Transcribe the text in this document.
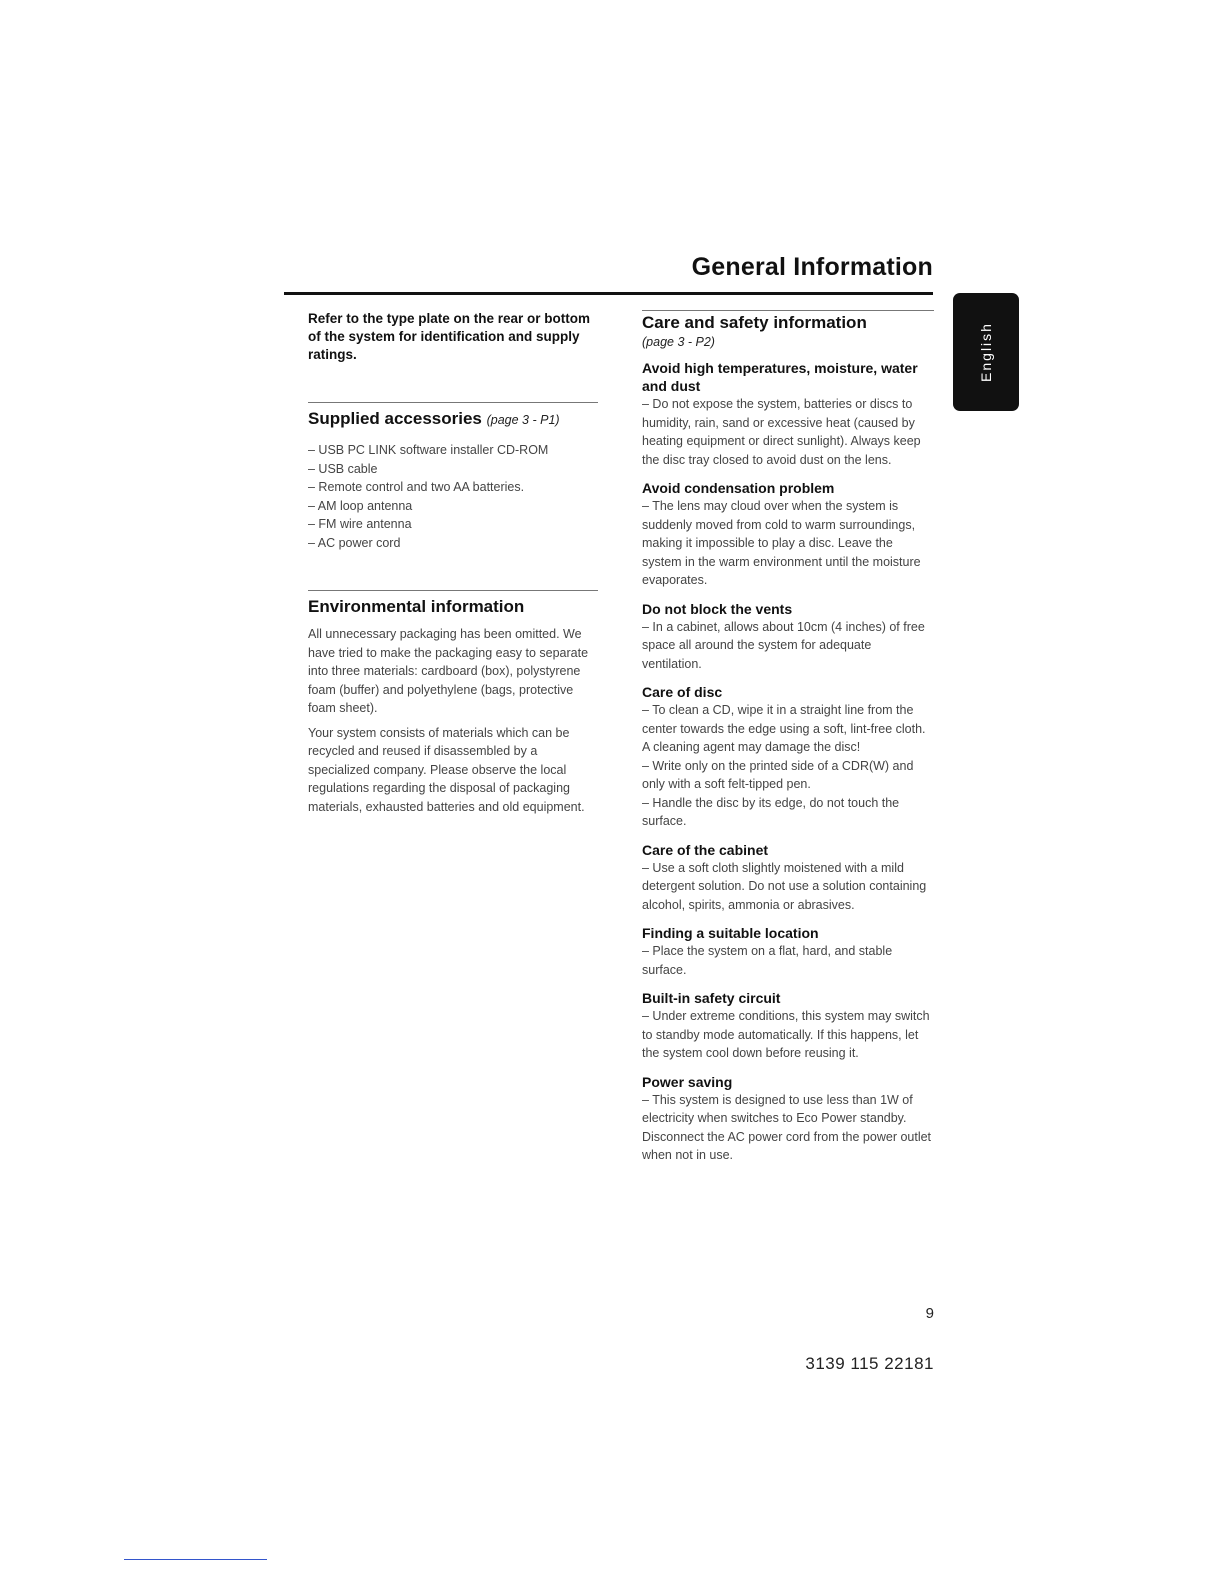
General Information
English

Refer to the type plate on the rear or bottom of the system for identification and supply ratings.

Supplied accessories (page 3 - P1)
– USB PC LINK software installer CD-ROM
– USB cable
– Remote control and two AA batteries.
– AM loop antenna
– FM wire antenna
– AC power cord
Environmental information

All unnecessary packaging has been omitted. We have tried to make the packaging easy to separate into three materials: cardboard (box), polystyrene foam (buffer) and polyethylene (bags, protective foam sheet).

Your system consists of materials which can be recycled and reused if disassembled by a specialized company. Please observe the local regulations regarding the disposal of packaging materials, exhausted batteries and old equipment.

Care and safety information

(page 3 - P2)

Avoid high temperatures, moisture, water and dust

– Do not expose the system, batteries or discs to humidity, rain, sand or excessive heat (caused by heating equipment or direct sunlight). Always keep the disc tray closed to avoid dust on the lens.

Avoid condensation problem

– The lens may cloud over when the system is suddenly moved from cold to warm surroundings, making it impossible to play a disc. Leave the system in the warm environment until the moisture evaporates.

Do not block the vents

– In a cabinet, allows about 10cm (4 inches) of free space all around the system for adequate ventilation.

Care of disc

– To clean a CD, wipe it in a straight line from the center towards the edge using a soft, lint-free cloth. A cleaning agent may damage the disc!

– Write only on the printed side of a CDR(W) and only with a soft felt-tipped pen.

– Handle the disc by its edge, do not touch the surface.

Care of the cabinet

– Use a soft cloth slightly moistened with a mild detergent solution. Do not use a solution containing alcohol, spirits, ammonia or abrasives.

Finding a suitable location

– Place the system on a flat, hard, and stable surface.

Built-in safety circuit

– Under extreme conditions, this system may switch to standby mode automatically. If this happens, let the system cool down before reusing it.

Power saving

– This system is designed to use less than 1W of electricity when switches to Eco Power standby. Disconnect the AC power cord from the power outlet when not in use.

9
3139 115 22181
